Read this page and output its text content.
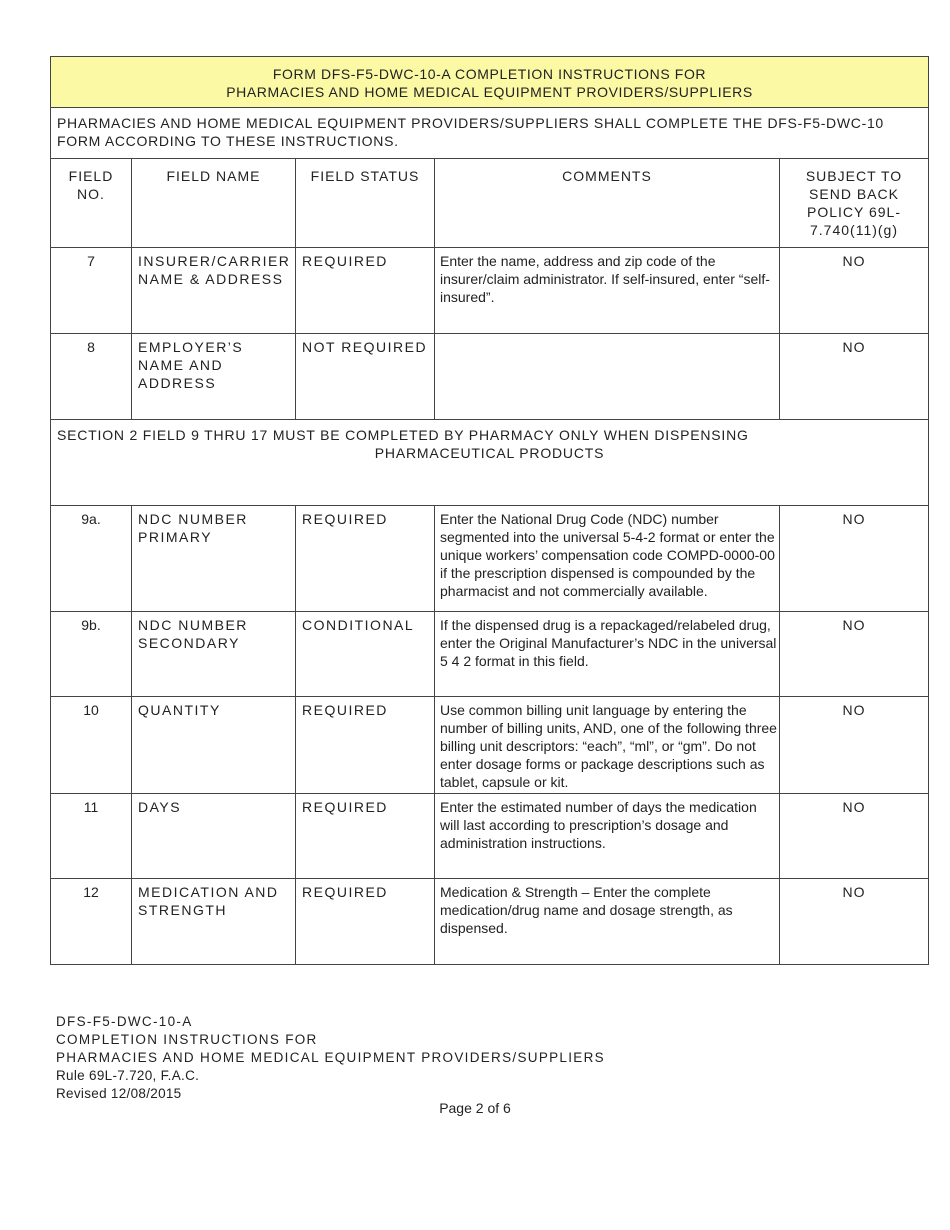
FORM DFS-F5-DWC-10-A COMPLETION INSTRUCTIONS FOR
PHARMACIES AND HOME MEDICAL EQUIPMENT PROVIDERS/SUPPLIERS				

PHARMACIES AND HOME MEDICAL EQUIPMENT PROVIDERS/SUPPLIERS SHALL COMPLETE THE DFS-F5-DWC-10 FORM ACCORDING TO THESE INSTRUCTIONS.				
FIELD NO.	FIELD NAME	FIELD STATUS	COMMENTS	SUBJECT TO SEND BACK POLICY 69L-7.740(11)(g)
7	INSURER/CARRIER NAME & ADDRESS	REQUIRED	Enter the name, address and zip code of the insurer/claim administrator. If self-insured, enter “self-insured”.	NO
8	EMPLOYER’S NAME AND ADDRESS	NOT REQUIRED		NO
SECTION 2 FIELD 9 THRU 17 MUST BE COMPLETED BY PHARMACY ONLY WHEN DISPENSING
PHARMACEUTICAL PRODUCTS				

9a.	NDC NUMBER PRIMARY	REQUIRED	Enter the National Drug Code (NDC) number segmented into the universal 5-4-2 format or enter the unique workers’ compensation code COMPD-0000-00 if the prescription dispensed is compounded by the pharmacist and not commercially available.	NO
9b.	NDC NUMBER SECONDARY	CONDITIONAL	If the dispensed drug is a repackaged/relabeled drug, enter the Original Manufacturer’s NDC in the universal 5 4 2 format in this field.	NO
10	QUANTITY	REQUIRED	Use common billing unit language by entering the number of billing units, AND, one of the following three billing unit descriptors: “each”, “ml”, or “gm”. Do not enter dosage forms or package descriptions such as tablet, capsule or kit.	NO
11	DAYS	REQUIRED	Enter the estimated number of days the medication will last according to prescription’s dosage and administration instructions.	NO
12	MEDICATION AND STRENGTH	REQUIRED	Medication & Strength – Enter the complete medication/drug name and dosage strength, as dispensed.	NO
DFS-F5-DWC-10-A
COMPLETION INSTRUCTIONS FOR
PHARMACIES AND HOME MEDICAL EQUIPMENT PROVIDERS/SUPPLIERS
Rule 69L-7.720, F.A.C.
Revised 12/08/2015
Page 2 of 6
